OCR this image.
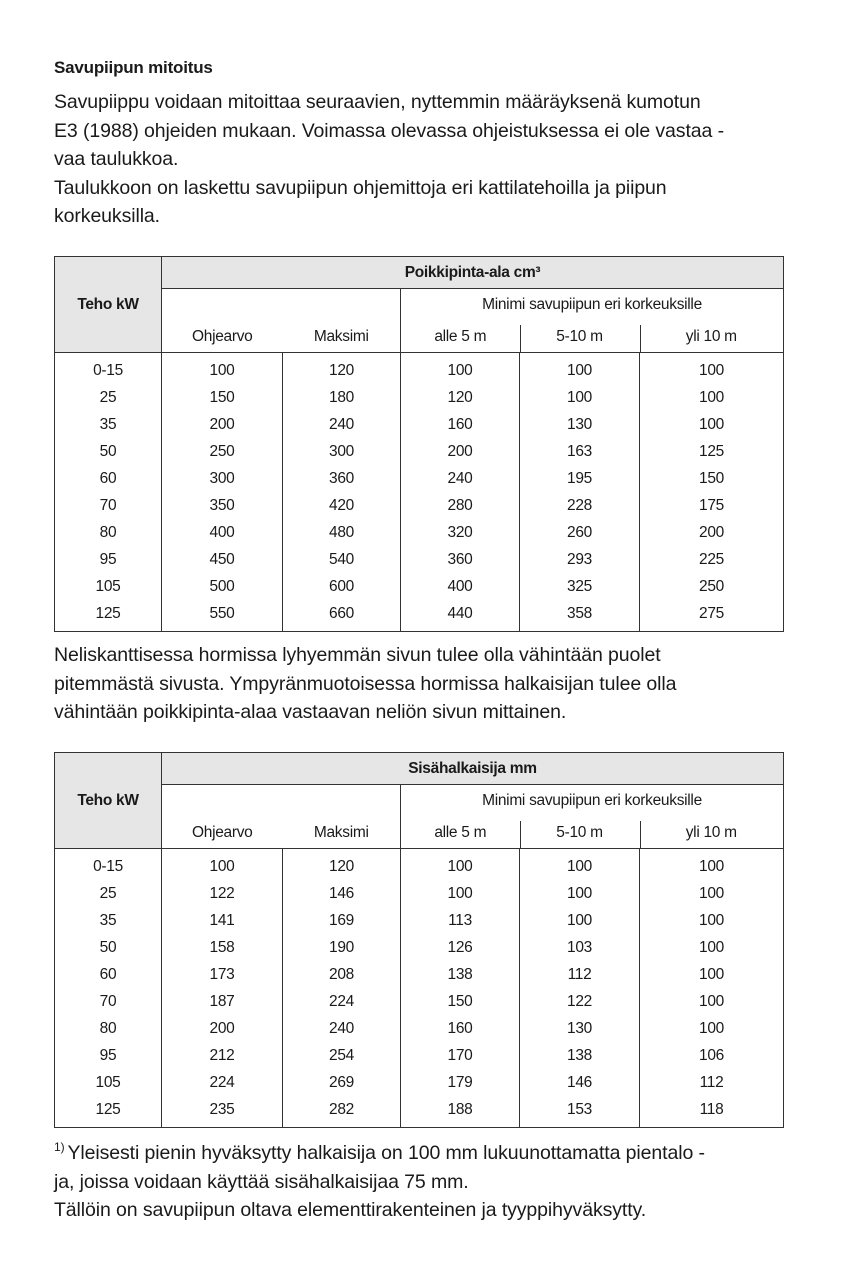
Savupiipun mitoitus
Savupiippu voidaan mitoittaa seuraavien, nyttemmin määräyksenä kumotun
E3 (1988) ohjeiden mukaan. Voimassa olevassa ohjeistuksessa ei ole vastaa -
vaa taulukkoa.
Taulukkoon on laskettu savupiipun ohjemittoja eri kattilatehoilla ja piipun
korkeuksilla.
Teho kW	Poikkipinta-ala cm³				
			Minimi savupiipun eri korkeuksille		
	Ohjearvo	Maksimi	alle 5 m	5-10 m	yli 10 m
0-15	100	120	100	100	100
25	150	180	120	100	100
35	200	240	160	130	100
50	250	300	200	163	125
60	300	360	240	195	150
70	350	420	280	228	175
80	400	480	320	260	200
95	450	540	360	293	225
105	500	600	400	325	250
125	550	660	440	358	275
Neliskanttisessa hormissa lyhyemmän sivun tulee olla vähintään puolet
pitemmästä sivusta. Ympyränmuotoisessa hormissa halkaisijan tulee olla
vähintään poikkipinta-alaa vastaavan neliön sivun mittainen.
Teho kW	Sisähalkaisija mm				
			Minimi savupiipun eri korkeuksille		
	Ohjearvo	Maksimi	alle 5 m	5-10 m	yli 10 m
0-15	100	120	100	100	100
25	122	146	100	100	100
35	141	169	113	100	100
50	158	190	126	103	100
60	173	208	138	112	100
70	187	224	150	122	100
80	200	240	160	130	100
95	212	254	170	138	106
105	224	269	179	146	112
125	235	282	188	153	118
$^{1)}$ Yleisesti pienin hyväksytty halkaisija on 100 mm lukuunottamatta pientalo -
ja, joissa voidaan käyttää sisähalkaisijaa 75 mm.
Tällöin on savupiipun oltava elementtirakenteinen ja tyyppihyväksytty.
